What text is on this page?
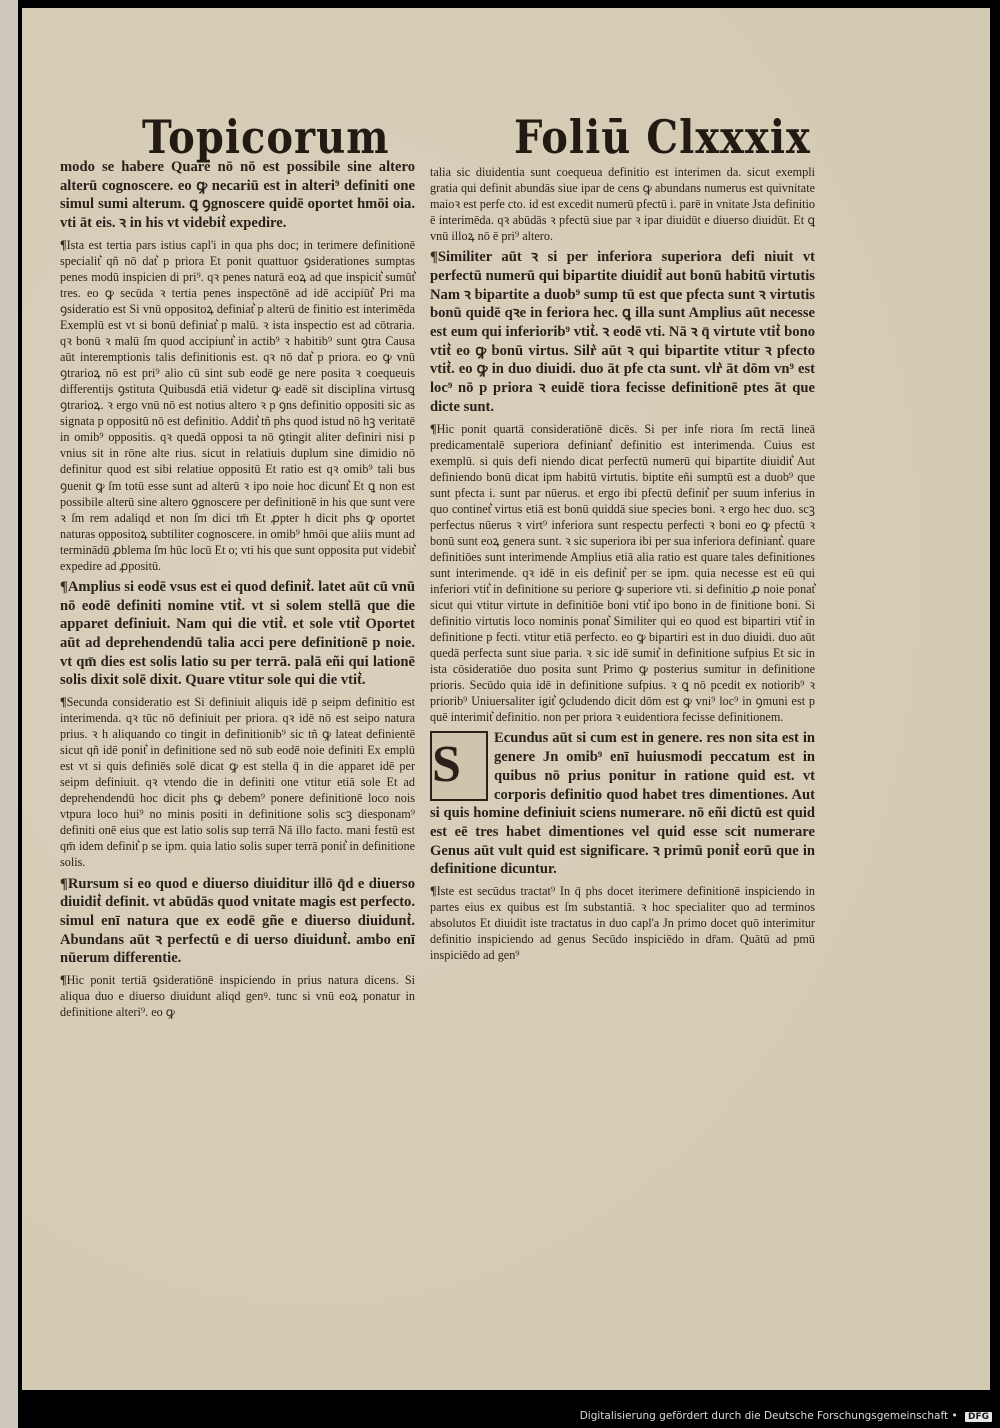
Topicorum	Foliū Clxxxix
modo se habere Quare nō nō est possibile sine altero alterū cognoscere. eo ꝙ necariū est in alteri⁹ definiti one simul sumi alterum. ꝗ ꝯgnoscere quidē oportet hmōi oia. vti āt eis. ꝛ in his vt videbit͛ expedire.
¶Ista est tertia pars istius capl'i in qua phs doc; in terimere definitionē specialit͛ qñ nō dat͛ p priora Et ponit quattuor ꝯsiderationes sumptas penes modū inspicien di pri⁹. qꝛ penes naturā eoꝝ ad que inspicit͛ sumūt͛ tres. eo ꝙ secūda ꝛ tertia penes inspectōnē ad idē accipiūt͛ Pri ma ꝯsideratio est Si vnū oppositoꝝ definiat͛ p alterū de finitio est interimēda Exemplū est vt si bonū definiat͛ p malū. ꝛ ista inspectio est ad cōtraria. qꝛ bonū ꝛ malū ſm quod accipiunt͛ in actib⁹ ꝛ habitib⁹ sunt ꝯtra Causa aūt interemptionis talis definitionis est. qꝛ nō dat͛ p priora. eo ꝙ vnū ꝯtrarioꝝ nō est pri⁹ alio cū sint sub eodē ge nere posita ꝛ coequeuis differentijs ꝯstituta Quibusdā etiā videtur ꝙ eadē sit disciplina virtusꝗ ꝯtrarioꝝ. ꝛ ergo vnū nō est notius altero ꝛ p ꝯns definitio oppositi sic as signata p oppositū nō est definitio. Addit͛ tñ phs quod istud nō hꝫ veritatē in omib⁹ oppositis. qꝛ quedā opposi ta nō ꝯtingit aliter definiri nisi p vnius sit in rōne alte rius. sicut in relatiuis duplum sine dimidio nō definitur quod est sibi relatiue oppositū Et ratio est qꝛ omib⁹ tali bus ꝯuenit ꝙ ſm totū esse sunt ad alterū ꝛ ipo noie hoc dicunt͛ Et ꝗ non est possibile alterū sine altero ꝯgnoscere per definitionē in his que sunt vere ꝛ ſm rem adaliqd et non ſm dici tm̄ Et ꝓpter h dicit phs ꝙ oportet naturas oppositoꝝ subtiliter cognoscere. in omib⁹ hmōi que aliis munt ad terminādū ꝓblema ſm hūc locū Et o; vti his que sunt opposita put videbit͛ expedire ad ꝓpositū.
¶Amplius si eodē vsus est ei quod definit͛. latet aūt cū vnū nō eodē definiti nomine vtit͛. vt si solem stellā que die apparet definiuit. Nam qui die vtit͛. et sole vtit͛ Oportet aūt ad deprehendendū talia acci pere definitionē p noie. vt qm̄ dies est solis latio su per terrā. palā eñi qui lationē solis dixit solē dixit. Quare vtitur sole qui die vtit͛.
¶Secunda consideratio est Si definiuit aliquis idē p seipm definitio est interimenda. qꝛ tūc nō definiuit per priora. qꝛ idē nō est seipo natura prius. ꝛ h aliquando co tingit in definitionib⁹ sic tñ ꝙ lateat definientē sicut qñ idē ponit͛ in definitione sed nō sub eodē noie definiti Ex emplū est vt si quis definiēs solē dicat ꝙ est stella q̄ in die apparet idē per seipm definiuit. qꝛ vtendo die in definiti one vtitur etiā sole Et ad deprehendendū hoc dicit phs ꝙ debem⁹ ponere definitionē loco nois vtpura loco hui⁹ no minis positi in definitione solis scꝫ diesponam⁹ definiti onē eius que est latio solis sup terrā Nā illo facto. mani festū est qm̄ idem definit͛ p se ipm. quia latio solis super terrā ponit͛ in definitione solis.
¶Rursum si eo quod e diuerso diuiditur illō q̄d e diuerso diuidit͛ definit. vt abūdās quod vnitate magis est perfecto. simul enī natura que ex eodē gñe e diuerso diuidunt͛. Abundans aūt ꝛ perfectū e di uerso diuidunt͛. ambo enī nūerum differentie.
¶Hic ponit tertiā ꝯsideratiōnē inspiciendo in prius natura dicens. Si aliqua duo e diuerso diuidunt aliqd genꝰ. tunc si vnū eoꝝ ponatur in definitione alteri⁹. eo ꝙ
talia sic diuidentia sunt coequeua definitio est interimen da. sicut exempli gratia qui definit abundās siue ipar de cens ꝙ abundans numerus est quivnitate maioꝛ est perfe cto. id est excedit numerū pfectū i. parē in vnitate Jsta definitio ē interimēda. qꝛ abūdās ꝛ pfectū siue par ꝛ ipar diuidūt e diuerso diuidūt. Et ꝗ vnū illoꝝ nō ē pri⁹ altero.
¶Similiter aūt ꝛ si per inferiora superiora defi niuit vt perfectū numerū qui bipartite diuidit͛ aut bonū habitū virtutis Nam ꝛ bipartite a duob⁹ sump tū est que pfecta sunt ꝛ virtutis bonū quidē qꝛe in feriora hec. ꝗ illa sunt Amplius aūt necesse est eum qui inferiorib⁹ vtit͛. ꝛ eodē vti. Nā ꝛ q̄ virtute vtit͛ bono vtit͛ eo ꝙ bonū virtus. Silr͛ aūt ꝛ qui bipartite vtitur ꝛ pfecto vtit͛. eo ꝙ in duo diuidi. duo āt pfe cta sunt. vlr͛ āt dōm vn⁹ est loc⁹ nō p priora ꝛ euidē tiora fecisse definitionē ptes āt que dicte sunt.
¶Hic ponit quartā consideratiōnē dicēs. Si per infe riora ſm rectā lineā predicamentalē superiora definiant͛ definitio est interimenda. Cuius est exemplū. si quis defi niendo dicat perfectū numerū qui bipartite diuidit͛ Aut definiendo bonū dicat ipm habitū virtutis. biptite eñi sumptū est a duob⁹ que sunt pfecta i. sunt par nūerus. et ergo ibi pfectū definit͛ per suum inferius in quo continet͛ virtus etiā est bonū quiddā siue species boni. ꝛ ergo hec duo. scꝫ perfectus nūerus ꝛ virt⁹ inferiora sunt respectu perfecti ꝛ boni eo ꝙ pfectū ꝛ bonū sunt eoꝝ genera sunt. ꝛ sic superiora ibi per sua inferiora definiant͛. quare definitiōes sunt interimende Amplius etiā alia ratio est quare tales definitiones sunt interimende. qꝛ idē in eis definit͛ per se ipm. quia necesse est eū qui inferiori vtit͛ in definitione su periore ꝙ superiore vti. si definitio ꝓ noie ponat͛ sicut qui vtitur virtute in definitiōe boni vtit͛ ipo bono in de finitione boni. Si definitio virtutis loco nominis ponat͛ Similiter qui eo quod est bipartiri vtit͛ in definitione p fecti. vtitur etiā perfecto. eo ꝙ bipartiri est in duo diuidi. duo aūt quedā perfecta sunt siue paria. ꝛ sic idē sumit͛ in definitione sufpius Et sic in ista cōsideratiōe duo posita sunt Primo ꝙ posterius sumitur in definitione prioris. Secūdo quia idē in definitione sufpius. ꝛ ꝗ nō pcedit ex notiorib⁹ ꝛ priorib⁹ Uniuersaliter igit͛ ꝯcludendo dicit dōm est ꝙ vni⁹ loc⁹ in ꝯmuni est p quē interimit͛ definitio. non per priora ꝛ euidentiora fecisse definitionem.
S	Ecundus aūt si cum est in genere. res non sita est in genere Jn omib⁹ enī huiusmodi peccatum est in quibus nō prius ponitur in ratione quid est. vt corporis definitio quod habet tres dimentiones. Aut si quis homine definiuit sciens numerare. nō eñi dictū est quid est eē tres habet dimentiones vel quid esse scit numerare Genus aūt vult quid est significare. ꝛ primū ponit͛ eorū que in definitione dicuntur.
¶Iste est secūdus tractat⁹ In q̄ phs docet iterimere definitionē inspiciendo in partes eius ex quibus est ſm substantiā. ꝛ hoc specialiter quo ad terminos absolutos Et diuidit iste tractatus in duo capl'a Jn primo docet quō interimitur definitio inspiciendo ad genus Secūdo inspiciēdo in dr̄am. Quātū ad pmū inspiciēdo ad gen⁹
Digitalisierung gefördert durch die Deutsche Forschungsgemeinschaft • DFG
